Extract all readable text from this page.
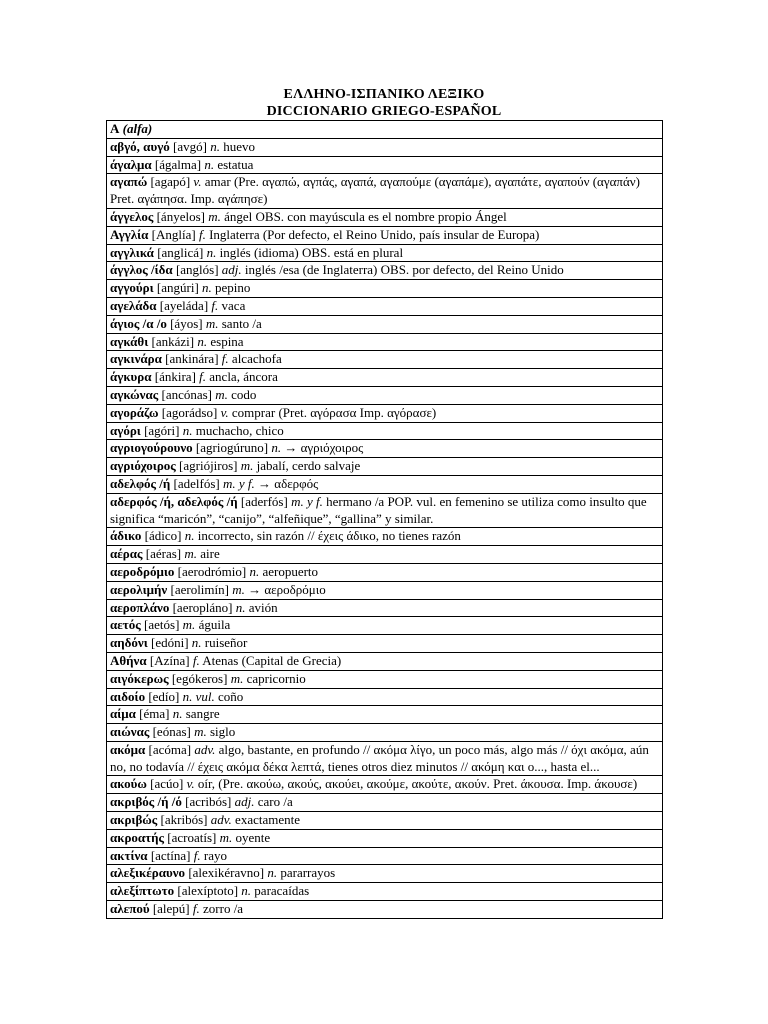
ΕΛΛΗΝΟ-ΙΣΠΑΝΙΚΟ ΛΕΞΙΚΟ
DICCIONARIO GRIEGO-ESPAÑOL
A (alfa)
αβγό, αυγό [avgó] n. huevo
άγαλμα [ágalma] n. estatua
αγαπώ [agapó] v. amar (Pre. αγαπώ, αγπάς, αγαπά, αγαπούμε (αγαπάμε), αγαπάτε, αγαπούν (αγαπάν) Pret. αγάπησα. Imp. αγάπησε)
άγγελος [ányelos] m. ángel OBS. con mayúscula es el nombre propio Ángel
Αγγλία [Anglía] f. Inglaterra (Por defecto, el Reino Unido, país insular de Europa)
αγγλικά [anglicá] n. inglés (idioma) OBS. está en plural
άγγλος /ίδα [anglós] adj. inglés /esa (de Inglaterra) OBS. por defecto, del Reino Unido
αγγούρι [angúri] n. pepino
αγελάδα [ayeláda] f. vaca
άγιος /α /ο [áyos] m. santo /a
αγκάθι [ankázi] n. espina
αγκινάρα [ankinára] f. alcachofa
άγκυρα [ánkira] f. ancla, áncora
αγκώνας [ancónas] m. codo
αγοράζω [agorádso] v. comprar (Pret. αγόρασα Imp. αγόρασε)
αγόρι [agóri] n. muchacho, chico
αγριογούρουνο [agriogúruno] n. → αγριόχοιρος
αγριόχοιρος [agriójiros] m. jabalí, cerdo salvaje
αδελφός /ή [adelfós] m. y f. → αδερφός
αδερφός /ή, αδελφός /ή [aderfós] m. y f. hermano /a POP. vul. en femenino se utiliza como insulto que significa “maricón”, “canijo”, “alfeñique”, “gallina” y similar.
άδικο [ádico] n. incorrecto, sin razón // έχεις άδικο, no tienes razón
αέρας [aéras] m. aire
αεροδρόμιο [aerodrómio] n. aeropuerto
αερολιμήν [aerolimín] m. → αεροδρόμιο
αεροπλάνο [aeropláno] n. avión
αετός [aetós] m. águila
αηδόνι [edóni] n. ruiseñor
Αθήνα [Azína] f. Atenas (Capital de Grecia)
αιγόκερως [egókeros] m. capricornio
αιδοίο [edío] n. vul. coño
αίμα [éma] n. sangre
αιώνας [eónas] m. siglo
ακόμα [acóma] adv. algo, bastante, en profundo // ακόμα λίγο, un poco más, algo más // όχι ακόμα, aún no, no todavía // έχεις ακόμα δέκα λεπτά, tienes otros diez minutos // ακόμη και ο..., hasta el...
ακούω [acúo] v. oír, (Pre. ακούω, ακούς, ακούει, ακούμε, ακούτε, ακούν. Pret. άκουσα. Imp. άκουσε)
ακριβός /ή /ό [acribós] adj. caro /a
ακριβώς [akribós] adv. exactamente
ακροατής [acroatís] m. oyente
ακτίνα [actína] f. rayo
αλεξικέραυνο [alexikéravno] n. pararrayos
αλεξίπτωτο [alexíptoto] n. paracaídas
αλεπού [alepú] f. zorro /a
